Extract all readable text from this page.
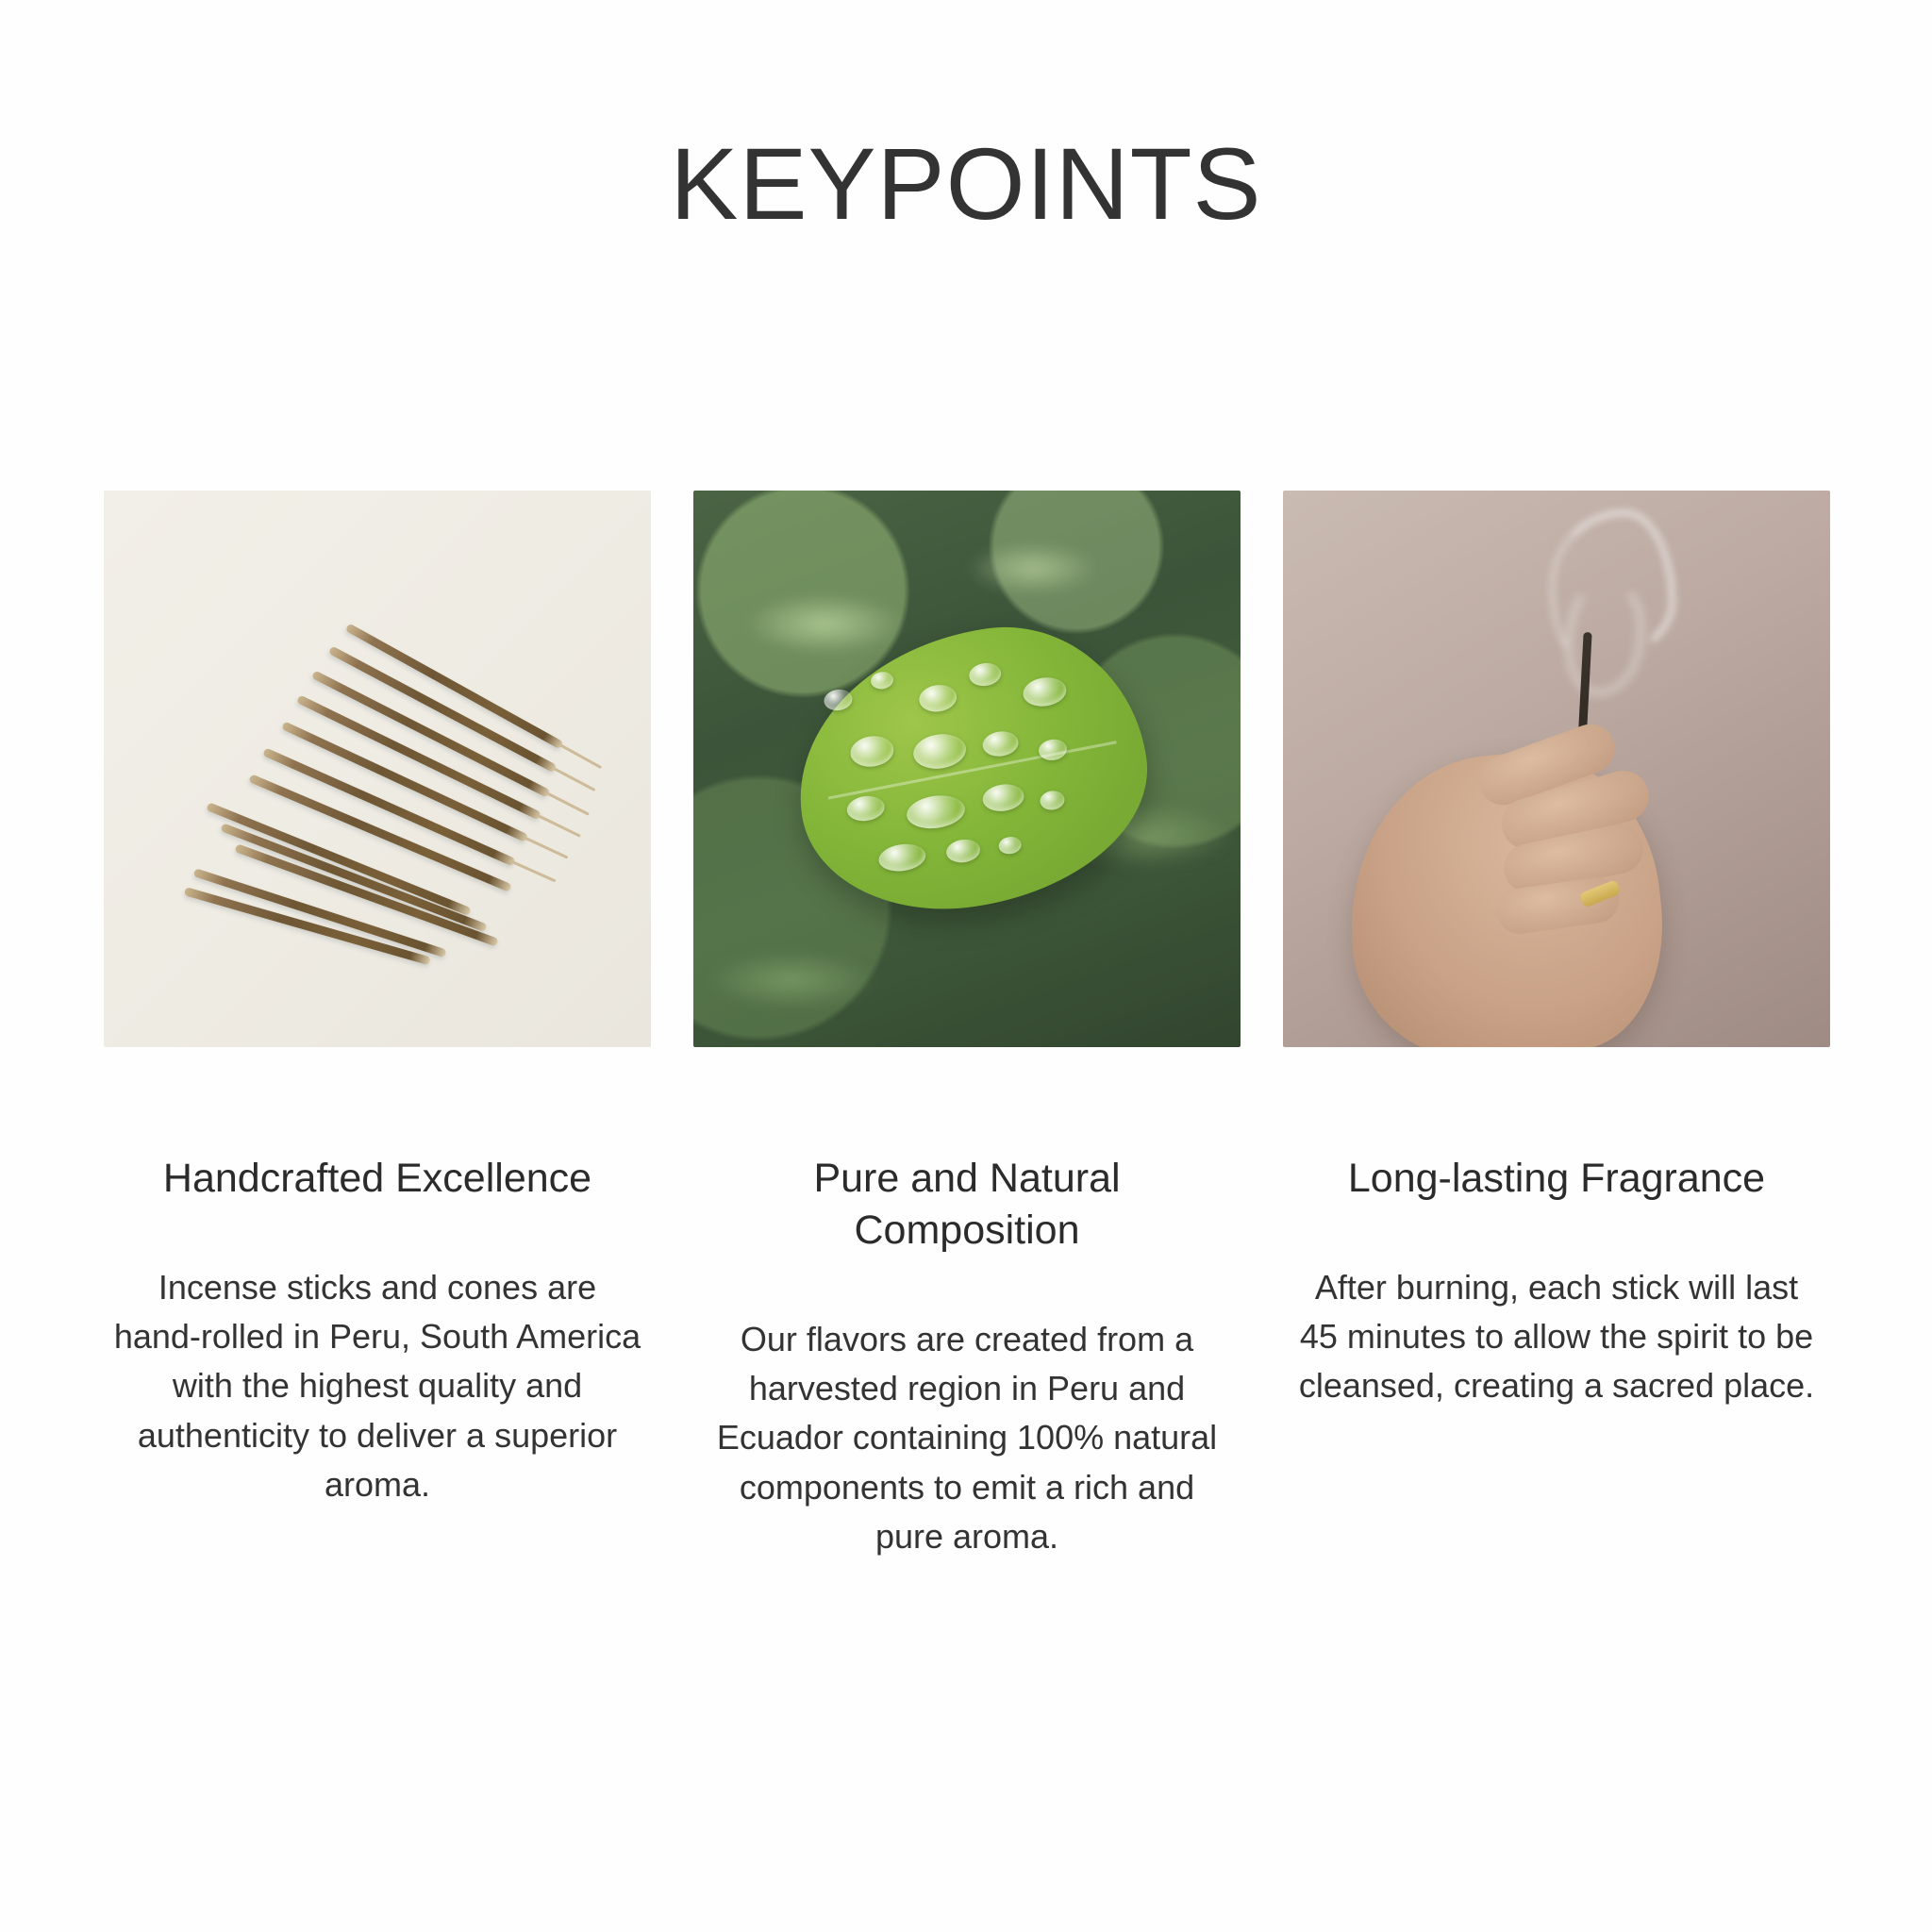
KEYPOINTS
Handcrafted Excellence
Incense sticks and cones are hand-rolled in Peru, South America with the highest quality and authenticity to deliver a superior aroma.
Pure and Natural Composition
Our flavors are created from a harvested region in Peru and Ecuador containing 100% natural components to emit a rich and pure aroma.
Long-lasting Fragrance
After burning, each stick will last 45 minutes to allow the spirit to be cleansed, creating a sacred place.
